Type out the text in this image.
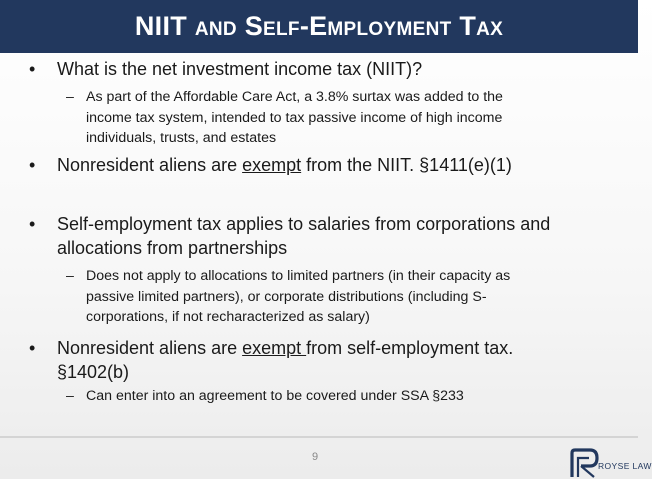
NIIT and Self-Employment Tax
• What is the net investment income tax (NIIT)?
– As part of the Affordable Care Act, a 3.8% surtax was added to the
income tax system, intended to tax passive income of high income
individuals, trusts, and estates
• Nonresident aliens are exempt from the NIIT. §1411(e)(1)
• Self-employment tax applies to salaries from corporations and
allocations from partnerships
– Does not apply to allocations to limited partners (in their capacity as
passive limited partners), or corporate distributions (including S-
corporations, if not recharacterized as salary)
• Nonresident aliens are exempt from self-employment tax.
§1402(b)
– Can enter into an agreement to be covered under SSA §233
9
ROYSE LAW
